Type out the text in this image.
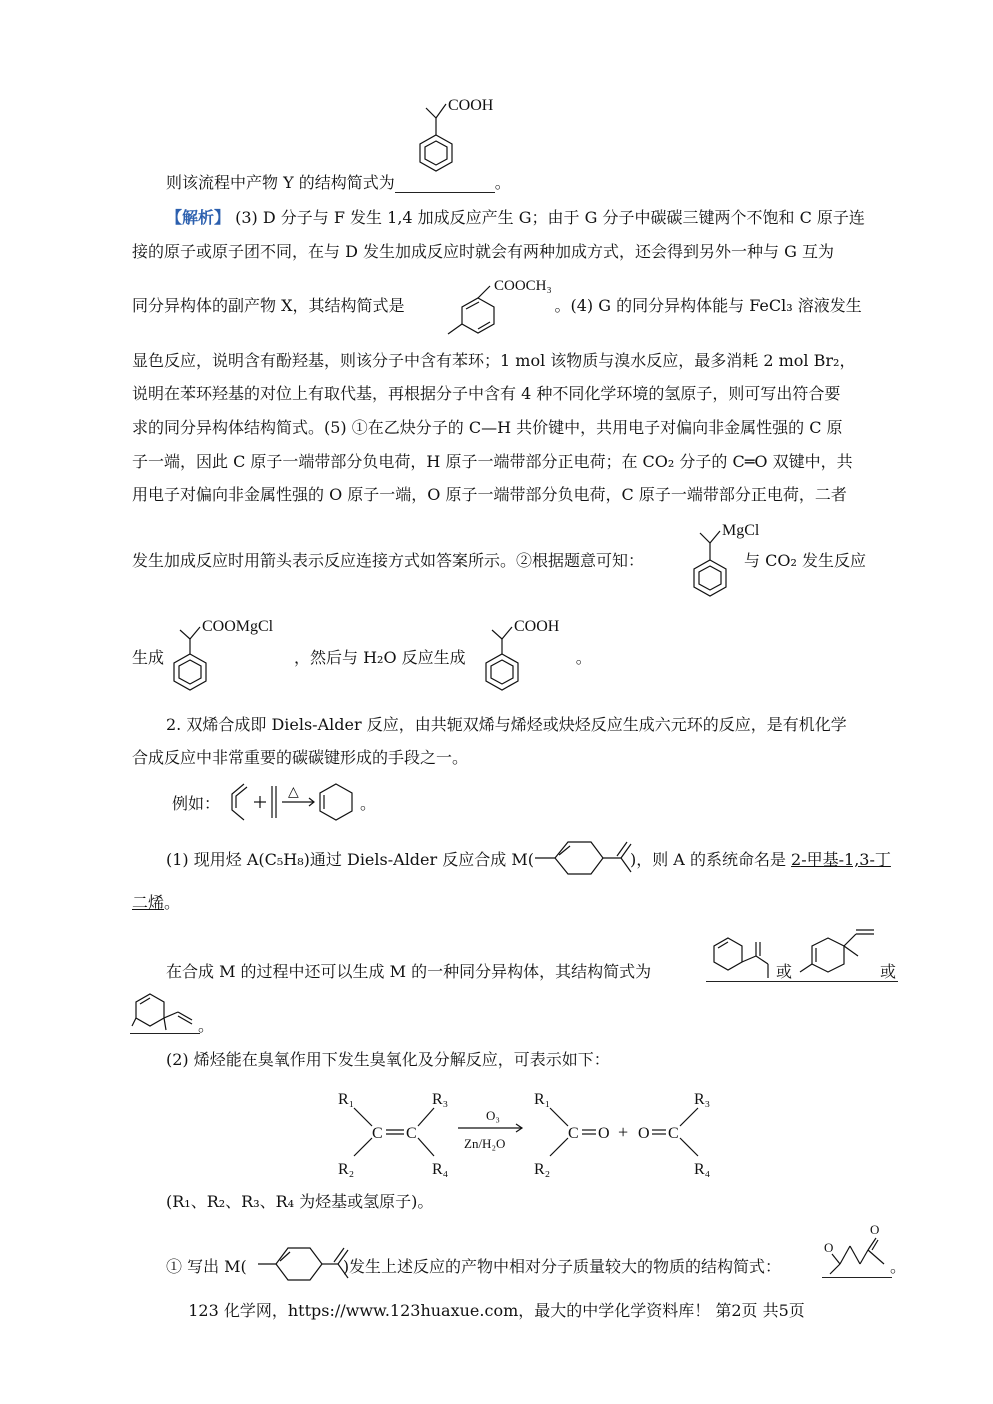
则该流程中产物 Y 的结构简式为	。
COOH
【解析】 (3) D 分子与 F 发生 1,4 加成反应产生 G；由于 G 分子中碳碳三键两个不饱和 C 原子连
接的原子或原子团不同，在与 D 发生加成反应时就会有两种加成方式，还会得到另外一种与 G 互为
同分异构体的副产物 X，其结构简式是	。(4) G 的同分异构体能与 FeCl₃ 溶液发生
COOCH₃
显色反应，说明含有酚羟基，则该分子中含有苯环；1 mol 该物质与溴水反应，最多消耗 2 mol Br₂，
说明在苯环羟基的对位上有取代基，再根据分子中含有 4 种不同化学环境的氢原子，则可写出符合要
求的同分异构体结构简式。(5) ①在乙炔分子的 C—H 共价键中，共用电子对偏向非金属性强的 C 原
子一端，因此 C 原子一端带部分负电荷，H 原子一端带部分正电荷；在 CO₂ 分子的 C═O 双键中，共
用电子对偏向非金属性强的 O 原子一端，O 原子一端带部分负电荷，C 原子一端带部分正电荷，二者
发生加成反应时用箭头表示反应连接方式如答案所示。②根据题意可知：	与 CO₂ 发生反应
MgCl
生成	，然后与 H₂O 反应生成	。
COOMgCl	COOH
2. 双烯合成即 Diels-Alder 反应，由共轭双烯与烯烃或炔烃反应生成六元环的反应，是有机化学
合成反应中非常重要的碳碳键形成的手段之一。
例如：
△
。
(1) 现用烃 A(C₅H₈)通过 Diels-Alder 反应合成 M(	)，则 A 的系统命名是 2-甲基-1,3-丁
二烯。
在合成 M 的过程中还可以生成 M 的一种同分异构体，其结构简式为	或	或
。
(2) 烯烃能在臭氧作用下发生臭氧化及分解反应，可表示如下：
R₁
R₂
R₃
R₄
C C
O₃
Zn/H₂O
R₁
R₂
C O + O C
R₃
R₄
(R₁、R₂、R₃、R₄ 为烃基或氢原子)。
① 写出 M(	)发生上述反应的产物中相对分子质量较大的物质的结构简式：
O
O
。
123 化学网，https://www.123huaxue.com，最大的中学化学资料库！ 第2页 共5页
